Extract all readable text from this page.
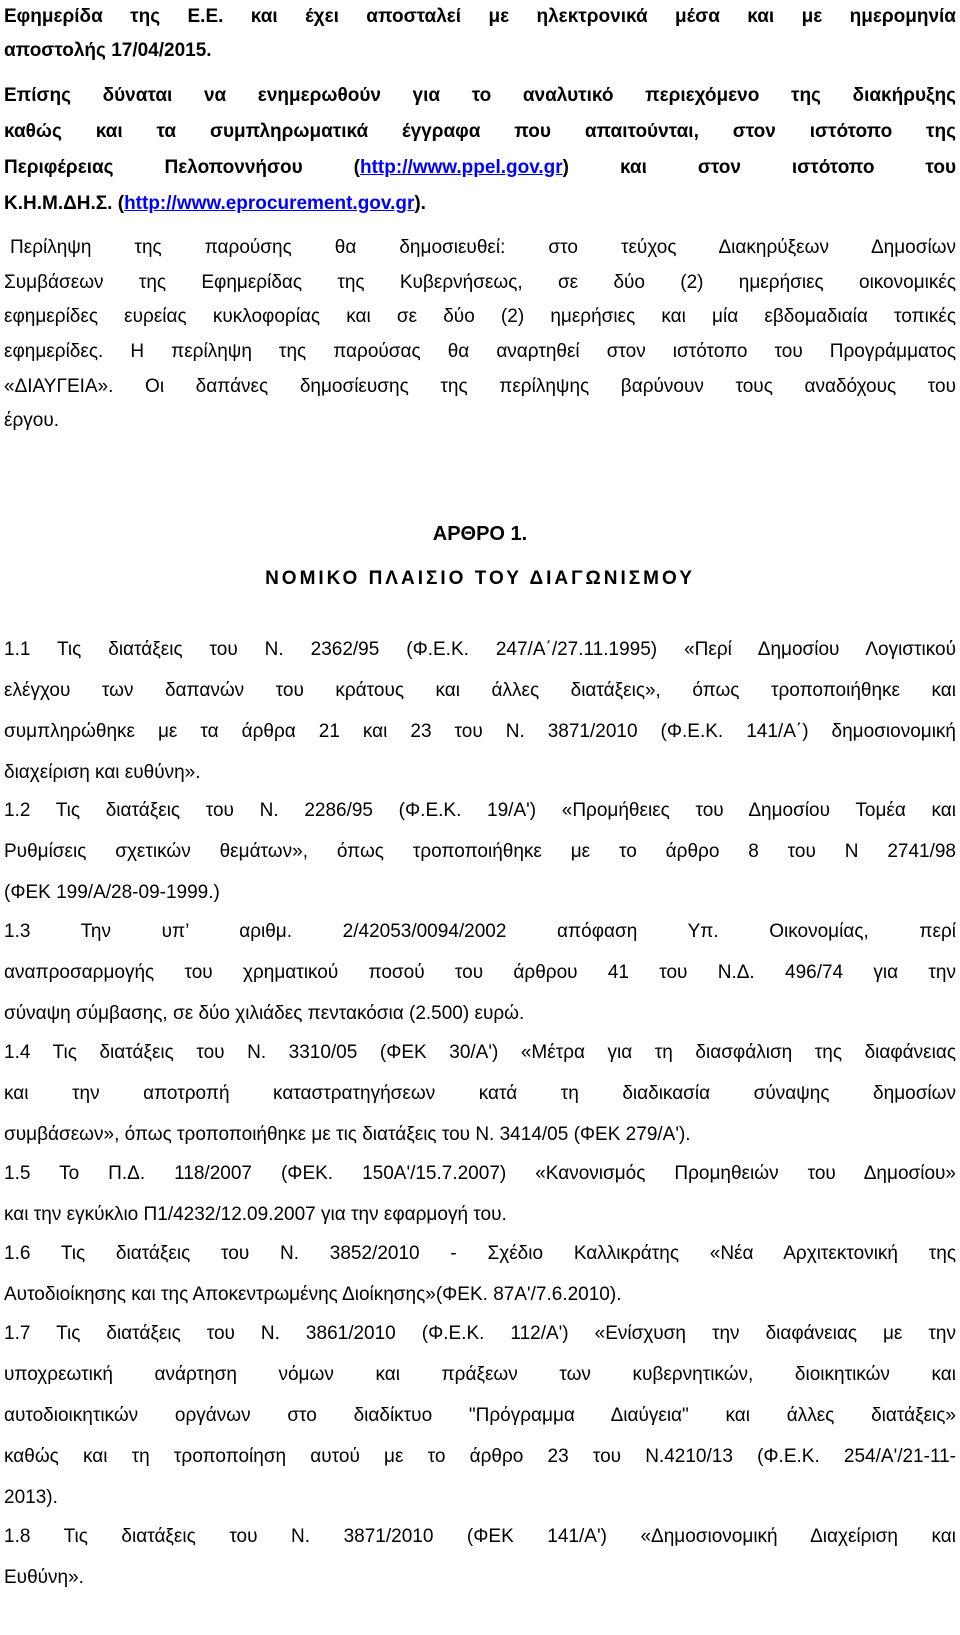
Εφημερίδα της Ε.Ε. και έχει αποσταλεί με ηλεκτρονικά μέσα και με ημερομηνία
αποστολής 17/04/2015.
Επίσης δύναται να ενημερωθούν για το αναλυτικό περιεχόμενο της διακήρυξης
καθώς και τα συμπληρωματικά έγγραφα που απαιτούνται, στον ιστότοπο της
Περιφέρειας Πελοποννήσου (http://www.ppel.gov.gr) και στον ιστότοπο του
Κ.Η.Μ.ΔΗ.Σ. (http://www.eprocurement.gov.gr).
Περίληψη της παρούσης θα δημοσιευθεί: στο τεύχος Διακηρύξεων Δημοσίων
Συμβάσεων της Εφημερίδας της Κυβερνήσεως, σε δύο (2) ημερήσιες οικονομικές
εφημερίδες ευρείας κυκλοφορίας και σε δύο (2) ημερήσιες και μία εβδομαδιαία τοπικές
εφημερίδες. Η περίληψη της παρούσας θα αναρτηθεί στον ιστότοπο του Προγράμματος
«ΔΙΑΥΓΕΙΑ». Οι δαπάνες δημοσίευσης της περίληψης βαρύνουν τους αναδόχους του
έργου.
ΑΡΘΡΟ 1.
ΝΟΜΙΚΟ ΠΛΑΙΣΙΟ ΤΟΥ ΔΙΑΓΩΝΙΣΜΟΥ
1.1 Τις διατάξεις του Ν. 2362/95 (Φ.Ε.Κ. 247/Α΄/27.11.1995) «Περί Δημοσίου Λογιστικού
ελέγχου των δαπανών του κράτους και άλλες διατάξεις», όπως τροποποιήθηκε και
συμπληρώθηκε με τα άρθρα 21 και 23 του Ν. 3871/2010 (Φ.Ε.Κ. 141/Α΄) δημοσιονομική
διαχείριση και ευθύνη».
1.2 Τις διατάξεις του Ν. 2286/95 (Φ.Ε.Κ. 19/Α') «Προμήθειες του Δημοσίου Τομέα και
Ρυθμίσεις σχετικών θεμάτων», όπως τροποποιήθηκε με το άρθρο 8 του Ν 2741/98
(ΦΕΚ 199/Α/28-09-1999.)
1.3 Την υπ’ αριθμ. 2/42053/0094/2002 απόφαση Υπ. Οικονομίας, περί
αναπροσαρμογής του χρηματικού ποσού του άρθρου 41 του Ν.Δ. 496/74 για την
σύναψη σύμβασης, σε δύο χιλιάδες πεντακόσια (2.500) ευρώ.
1.4 Τις διατάξεις του Ν. 3310/05 (ΦΕΚ 30/Α') «Μέτρα για τη διασφάλιση της διαφάνειας
και την αποτροπή καταστρατηγήσεων κατά τη διαδικασία σύναψης δημοσίων
συμβάσεων», όπως τροποποιήθηκε με τις διατάξεις του Ν. 3414/05 (ΦΕΚ 279/Α').
1.5 Το Π.Δ. 118/2007 (ΦΕΚ. 150Α'/15.7.2007) «Κανονισμός Προμηθειών του Δημοσίου»
και την εγκύκλιο Π1/4232/12.09.2007 για την εφαρμογή του.
1.6 Τις διατάξεις του Ν. 3852/2010 - Σχέδιο Καλλικράτης «Νέα Αρχιτεκτονική της
Αυτοδιοίκησης και της Αποκεντρωμένης Διοίκησης»(ΦΕΚ. 87Α'/7.6.2010).
1.7 Τις διατάξεις του Ν. 3861/2010 (Φ.Ε.Κ. 112/Α') «Ενίσχυση την διαφάνειας με την
υποχρεωτική ανάρτηση νόμων και πράξεων των κυβερνητικών, διοικητικών και
αυτοδιοικητικών οργάνων στο διαδίκτυο "Πρόγραμμα Διαύγεια" και άλλες διατάξεις»
καθώς και τη τροποποίηση αυτού με το άρθρο 23 του Ν.4210/13 (Φ.Ε.Κ. 254/Α'/21-11-
2013).
1.8 Τις διατάξεις του Ν. 3871/2010 (ΦΕΚ 141/Α') «Δημοσιονομική Διαχείριση και
Ευθύνη».
